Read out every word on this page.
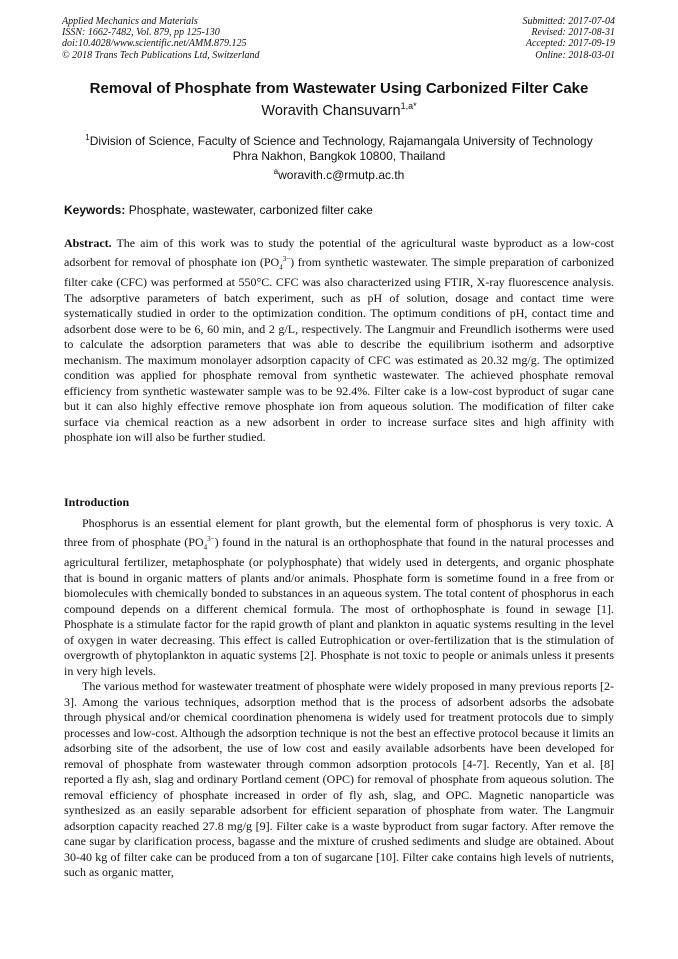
Applied Mechanics and Materials
ISSN: 1662-7482, Vol. 879, pp 125-130
doi:10.4028/www.scientific.net/AMM.879.125
© 2018 Trans Tech Publications Ltd, Switzerland
Submitted: 2017-07-04
Revised: 2017-08-31
Accepted: 2017-09-19
Online: 2018-03-01
Removal of Phosphate from Wastewater Using Carbonized Filter Cake
Woravith Chansuvarn$^{1,a*}$
$^1$Division of Science, Faculty of Science and Technology, Rajamangala University of Technology
Phra Nakhon, Bangkok 10800, Thailand
$^a$woravith.c@rmutp.ac.th
Keywords: Phosphate, wastewater, carbonized filter cake

Abstract. The aim of this work was to study the potential of the agricultural waste byproduct as a low-cost adsorbent for removal of phosphate ion $(PO_4^{3-})$ from synthetic wastewater. The simple preparation of carbonized filter cake (CFC) was performed at 550°C. CFC was also characterized using FTIR, X-ray fluorescence analysis. The adsorptive parameters of batch experiment, such as pH of solution, dosage and contact time were systematically studied in order to the optimization condition. The optimum conditions of pH, contact time and adsorbent dose were to be 6, 60 min, and 2 g/L, respectively. The Langmuir and Freundlich isotherms were used to calculate the adsorption parameters that was able to describe the equilibrium isotherm and adsorptive mechanism. The maximum monolayer adsorption capacity of CFC was estimated as 20.32 mg/g. The optimized condition was applied for phosphate removal from synthetic wastewater. The achieved phosphate removal efficiency from synthetic wastewater sample was to be 92.4%. Filter cake is a low-cost byproduct of sugar cane but it can also highly effective remove phosphate ion from aqueous solution. The modification of filter cake surface via chemical reaction as a new adsorbent in order to increase surface sites and high affinity with phosphate ion will also be further studied.

Introduction

Phosphorus is an essential element for plant growth, but the elemental form of phosphorus is very toxic. A three from of phosphate $(PO_4^{3-})$ found in the natural is an orthophosphate that found in the natural processes and agricultural fertilizer, metaphosphate (or polyphosphate) that widely used in detergents, and organic phosphate that is bound in organic matters of plants and/or animals. Phosphate form is sometime found in a free from or biomolecules with chemically bonded to substances in an aqueous system. The total content of phosphorus in each compound depends on a different chemical formula. The most of orthophosphate is found in sewage [1]. Phosphate is a stimulate factor for the rapid growth of plant and plankton in aquatic systems resulting in the level of oxygen in water decreasing. This effect is called Eutrophication or over-fertilization that is the stimulation of overgrowth of phytoplankton in aquatic systems [2]. Phosphate is not toxic to people or animals unless it presents in very high levels.

The various method for wastewater treatment of phosphate were widely proposed in many previous reports [2-3]. Among the various techniques, adsorption method that is the process of adsorbent adsorbs the adsobate through physical and/or chemical coordination phenomena is widely used for treatment protocols due to simply processes and low-cost. Although the adsorption technique is not the best an effective protocol because it limits an adsorbing site of the adsorbent, the use of low cost and easily available adsorbents have been developed for removal of phosphate from wastewater through common adsorption protocols [4-7]. Recently, Yan et al. [8] reported a fly ash, slag and ordinary Portland cement (OPC) for removal of phosphate from aqueous solution. The removal efficiency of phosphate increased in order of fly ash, slag, and OPC. Magnetic nanoparticle was synthesized as an easily separable adsorbent for efficient separation of phosphate from water. The Langmuir adsorption capacity reached 27.8 mg/g [9]. Filter cake is a waste byproduct from sugar factory. After remove the cane sugar by clarification process, bagasse and the mixture of crushed sediments and sludge are obtained. About 30-40 kg of filter cake can be produced from a ton of sugarcane [10]. Filter cake contains high levels of nutrients, such as organic matter,
